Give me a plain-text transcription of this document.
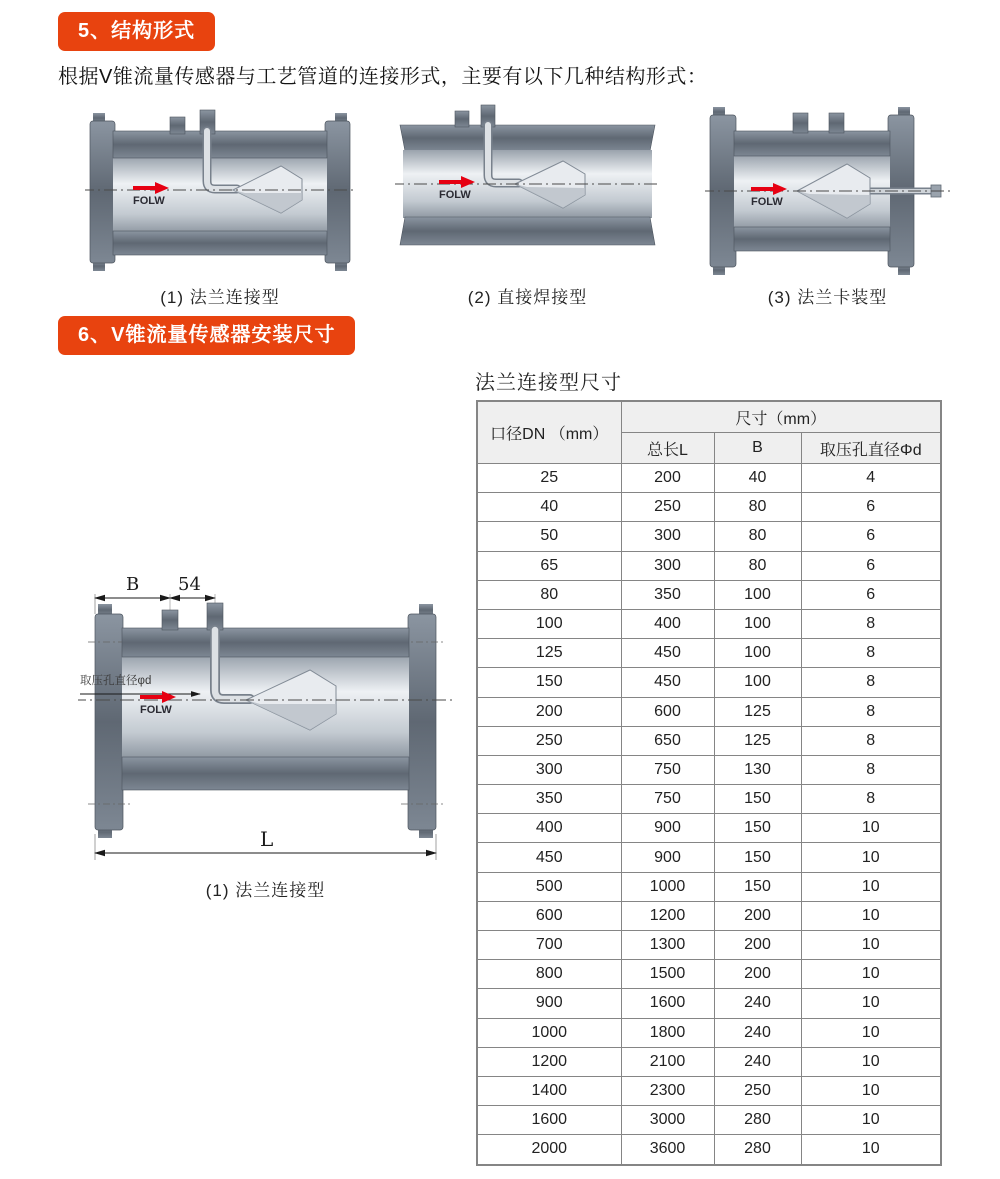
5、结构形式
根据V锥流量传感器与工艺管道的连接形式，主要有以下几种结构形式：
FOLW
(1) 法兰连接型
FOLW
(2) 直接焊接型
FOLW
(3) 法兰卡装型
6、V锥流量传感器安装尺寸
B 54
取压孔直径φd
FOLW
L
(1) 法兰连接型
法兰连接型尺寸
口径DN （mm）	尺寸（mm）		
	总长L	B	取压孔直径Φd
25	200	40	4
40	250	80	6
50	300	80	6
65	300	80	6
80	350	100	6
100	400	100	8
125	450	100	8
150	450	100	8
200	600	125	8
250	650	125	8
300	750	130	8
350	750	150	8
400	900	150	10
450	900	150	10
500	1000	150	10
600	1200	200	10
700	1300	200	10
800	1500	200	10
900	1600	240	10
1000	1800	240	10
1200	2100	240	10
1400	2300	250	10
1600	3000	280	10
2000	3600	280	10
